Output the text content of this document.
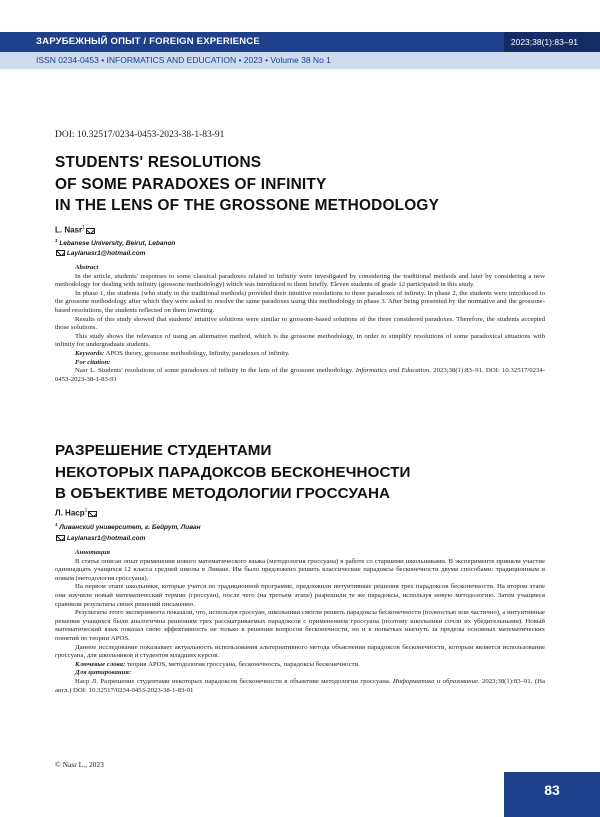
ЗАРУБЕЖНЫЙ ОПЫТ / FOREIGN EXPERIENCE	2023;38(1):83–91
ISSN 0234-0453 • INFORMATICS AND EDUCATION • 2023 • Volume 38 No 1
DOI: 10.32517/0234-0453-2023-38-1-83-91
STUDENTS' RESOLUTIONS
OF SOME PARADOXES OF INFINITY
IN THE LENS OF THE GROSSONE METHODOLOGY
L. Nasr$^1$
$^1$ Lebanese University, Beirut, Lebanon
Laylanasr1@hotmail.com

Abstract

In the article, students' responses to some classical paradoxes related to infinity were investigated by considering the traditional methods and later by considering a new methodology for dealing with infinity (grossone methodology) which was introduced to them briefly. Eleven students of grade 12 participated in this study.

In phase 1, the students (who study in the traditional methods) provided their intuitive resolutions to three paradoxes of infinity. In phase 2, the students were introduced to the grossone methodology after which they were asked to resolve the same paradoxes using this methodology in phase 3. After being presented by the normative and the grossone-based resolutions, the students reflected on them inwriting.

Results of this study showed that students' intuitive solutions were similar to grossone-based solutions of the three considered paradoxes. Therefore, the students accepted those solutions.

This study shows the relevance of using an alternative method, which is the grossone methodology, in order to simplify resolutions of some paradoxical situations with infinity for undergraduate students.

Keywords: APOS theory, grossone methodology, Infinity, paradoxes of infinity.

For citation:

Nasr L. Students' resolutions of some paradoxes of infinity in the lens of the grossone methodology. Informatics and Education. 2023;38(1):83–91. DOI: 10.32517/0234-0453-2023-38-1-83-91

РАЗРЕШЕНИЕ СТУДЕНТАМИ
НЕКОТОРЫХ ПАРАДОКСОВ БЕСКОНЕЧНОСТИ
В ОБЪЕКТИВЕ МЕТОДОЛОГИИ ГРОССУАНА
Л. Наср$^1$
$^1$ Ливанский университет, г. Бейрут, Ливан
Laylanasr1@hotmail.com

Аннотация

В статье описан опыт применения нового математического языка (методология гроссуана) в работе со старшими школьниками. В эксперименте приняли участие одиннадцать учащихся 12 класса средней школы в Ливане. Им было предложено решить классические парадоксы бесконечности двумя способами: традиционным и новым (методология гроссуана).

На первом этапе школьники, которые учатся по традиционной программе, предложили интуитивные решения трех парадоксов бесконечности. На втором этапе они изучили новый математический термин (гроссуан), после чего (на третьем этапе) разрешили те же парадоксы, используя новую методологию. Затем учащиеся сравнили результаты своих решений письменно.

Результаты этого эксперимента показали, что, используя гроссуан, школьники смогли решить парадоксы бесконечности (полностью или частично), а интуитивные решения учащихся были аналогичны решениям трех рассматриваемых парадоксов с применением гроссуана (поэтому школьники сочли их убедительными). Новый математический язык показал свою эффективность не только в решении вопросов бесконечности, но и в попытках шагнуть за пределы основных математических понятий по теории APOS.

Данное исследование показывает актуальность использования альтернативного метода объяснения парадоксов бесконечности, которым является использование гроссуана, для школьников и студентов младших курсов.

Ключевые слова: теория APOS, методология гроссуана, бесконечность, парадоксы бесконечности.

Для цитирования:

Наср Л. Разрешение студентами некоторых парадоксов бесконечности в объективе методологии гроссуана. Информатика и образование. 2023;38(1):83–91. (На англ.) DOI: 10.32517/0234-0453-2023-38-1-83-91

© Nasr L., 2023
83
